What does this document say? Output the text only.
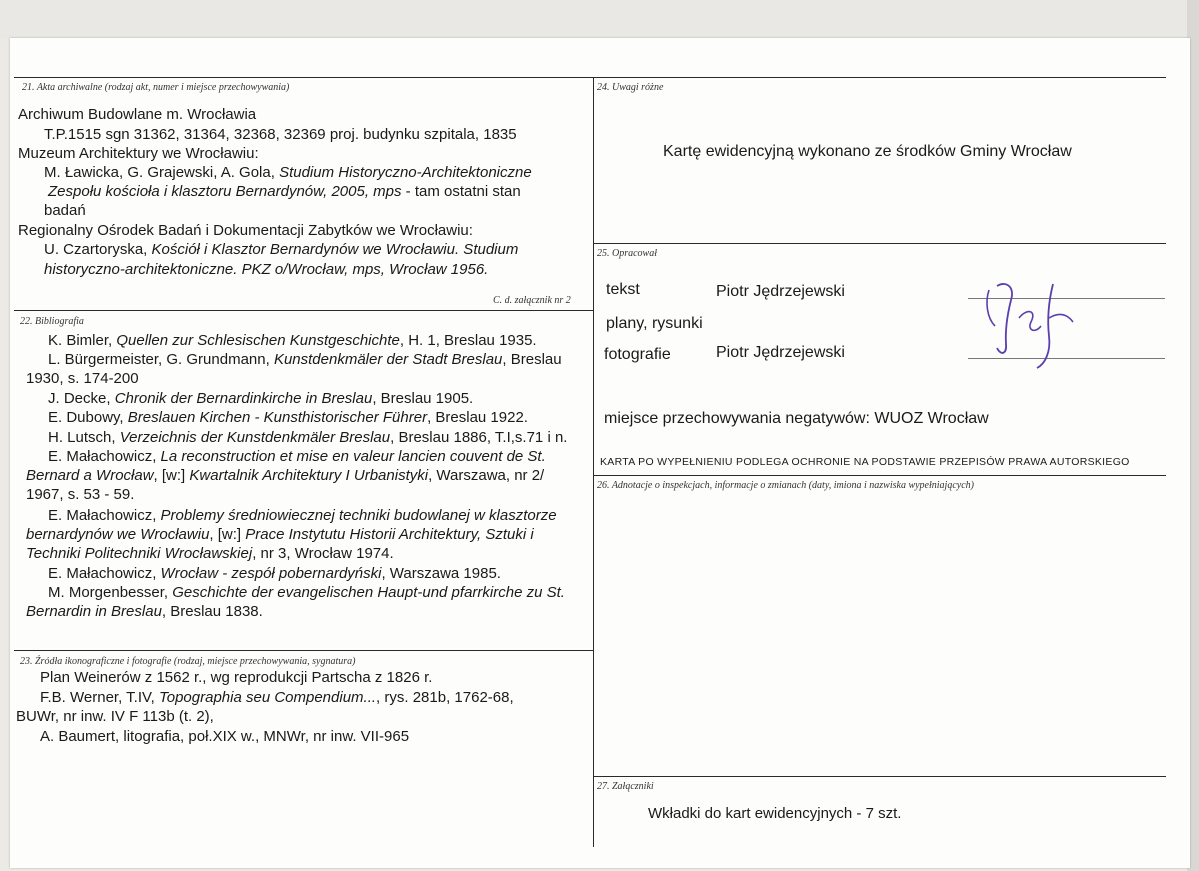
21. Akta archiwalne (rodzaj akt, numer i miejsce przechowywania)
Archiwum Budowlane m. Wrocławia
T.P.1515 sgn 31362, 31364, 32368, 32369 proj. budynku szpitala, 1835
Muzeum Architektury we Wrocławiu:
M. Ławicka, G. Grajewski, A. Gola, Studium Historyczno-Architektoniczne
Zespołu kościoła i klasztoru Bernardynów, 2005, mps - tam ostatni stan
badań
Regionalny Ośrodek Badań i Dokumentacji Zabytków we Wrocławiu:
U. Czartoryska, Kościół i Klasztor Bernardynów we Wrocławiu. Studium
historyczno-architektoniczne. PKZ o/Wrocław, mps, Wrocław 1956.
C. d. załącznik nr 2
22. Bibliografia
K. Bimler, Quellen zur Schlesischen Kunstgeschichte, H. 1, Breslau 1935.
L. Bürgermeister, G. Grundmann, Kunstdenkmäler der Stadt Breslau, Breslau
1930, s. 174-200
J. Decke, Chronik der Bernardinkirche in Breslau, Breslau 1905.
E. Dubowy, Breslauen Kirchen - Kunsthistorischer Führer, Breslau 1922.
H. Lutsch, Verzeichnis der Kunstdenkmäler Breslau, Breslau 1886, T.I,s.71 i n.
E. Małachowicz, La reconstruction et mise en valeur lancien couvent de St.
Bernard a Wrocław, [w:] Kwartalnik Architektury I Urbanistyki, Warszawa, nr 2/
1967, s. 53 - 59.
E. Małachowicz, Problemy średniowiecznej techniki budowlanej w klasztorze
bernardynów we Wrocławiu, [w:] Prace Instytutu Historii Architektury, Sztuki i
Techniki Politechniki Wrocławskiej, nr 3, Wrocław 1974.
E. Małachowicz, Wrocław - zespół pobernardyński, Warszawa 1985.
M. Morgenbesser, Geschichte der evangelischen Haupt-und pfarrkirche zu St.
Bernardin in Breslau, Breslau 1838.
23. Źródła ikonograficzne i fotografie (rodzaj, miejsce przechowywania, sygnatura)
Plan Weinerów z 1562 r., wg reprodukcji Partscha z 1826 r.
F.B. Werner, T.IV, Topographia seu Compendium..., rys. 281b, 1762-68,
BUWr, nr inw. IV F 113b (t. 2),
A. Baumert, litografia, poł.XIX w., MNWr, nr inw. VII-965
24. Uwagi różne
Kartę ewidencyjną wykonano ze środków Gminy Wrocław
25. Opracował
tekst	Piotr Jędrzejewski
plany, rysunki
fotografie	Piotr Jędrzejewski
miejsce przechowywania negatywów: WUOZ Wrocław
KARTA PO WYPEŁNIENIU PODLEGA OCHRONIE NA PODSTAWIE PRZEPISÓW PRAWA AUTORSKIEGO
26. Adnotacje o inspekcjach, informacje o zmianach (daty, imiona i nazwiska wypełniających)
27. Załączniki
Wkładki do kart ewidencyjnych - 7 szt.
